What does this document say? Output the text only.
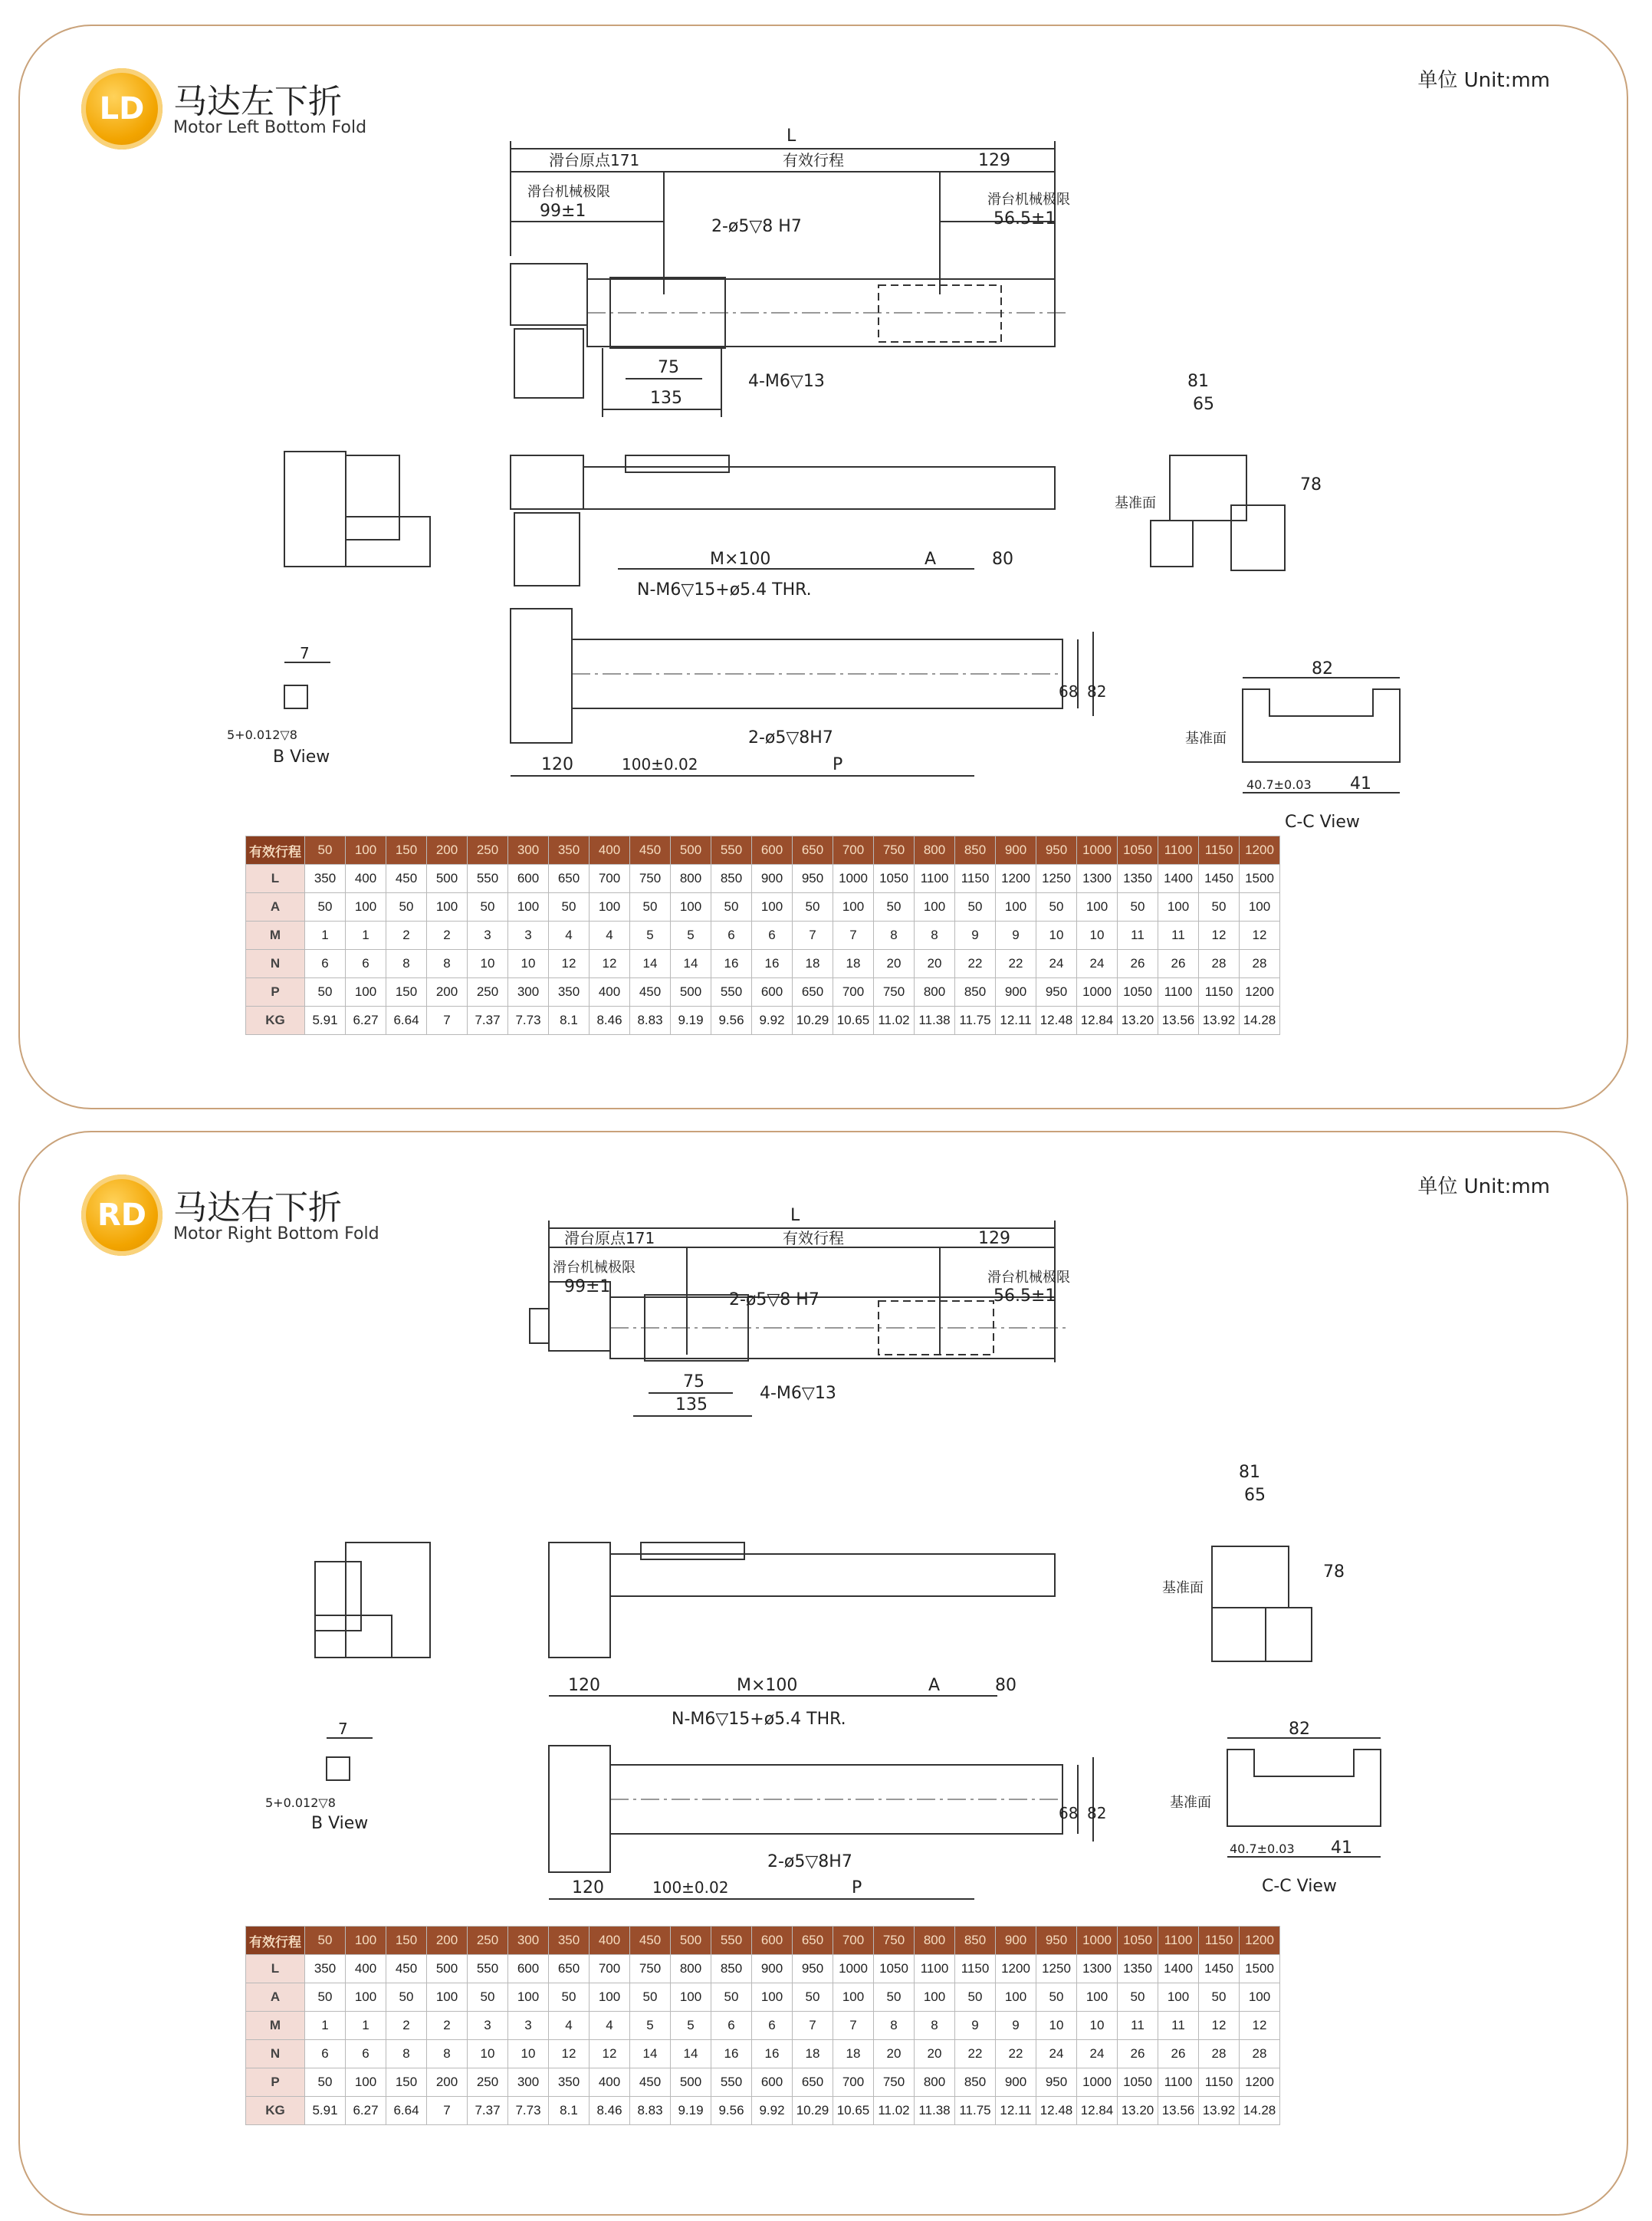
LD 马达左下折
Motor Left Bottom Fold
单位 Unit:mm
L
滑台原点171	有效行程	129
滑台机械极限
99±1
滑台机械极限
56.5±1
2-ø5▽8 H7
75
135
4-M6▽13	81
65
78
基准面
M×100	A	80
N-M6▽15+ø5.4 THR.
68 82
2-ø5▽8H7
120	100±0.02	P
7
5+0.012▽8
B View
82
基准面
40.7±0.03 41
C-C View
有效行程	50	100	150	200	250	300	350	400	450	500	550	600	650	700	750	800	850	900	950	1000	1050	1100	1150	1200
L	350	400	450	500	550	600	650	700	750	800	850	900	950	1000	1050	1100	1150	1200	1250	1300	1350	1400	1450	1500
A	50	100	50	100	50	100	50	100	50	100	50	100	50	100	50	100	50	100	50	100	50	100	50	100
M	1	1	2	2	3	3	4	4	5	5	6	6	7	7	8	8	9	9	10	10	11	11	12	12
N	6	6	8	8	10	10	12	12	14	14	16	16	18	18	20	20	22	22	24	24	26	26	28	28
P	50	100	150	200	250	300	350	400	450	500	550	600	650	700	750	800	850	900	950	1000	1050	1100	1150	1200
KG	5.91	6.27	6.64	7	7.37	7.73	8.1	8.46	8.83	9.19	9.56	9.92	10.29	10.65	11.02	11.38	11.75	12.11	12.48	12.84	13.20	13.56	13.92	14.28
RD 马达右下折
Motor Right Bottom Fold
单位 Unit:mm
L
滑台原点171	有效行程	129
滑台机械极限
99±1	滑台机械极限
56.5±1
2-ø5▽8 H7
75
135
4-M6▽13
81
65
78
基准面
120	M×100	A	80
N-M6▽15+ø5.4 THR.
68 82
2-ø5▽8H7
120	100±0.02	P
7
5+0.012▽8
B View
82
基准面
40.7±0.03 41
C-C View
有效行程	50	100	150	200	250	300	350	400	450	500	550	600	650	700	750	800	850	900	950	1000	1050	1100	1150	1200
L	350	400	450	500	550	600	650	700	750	800	850	900	950	1000	1050	1100	1150	1200	1250	1300	1350	1400	1450	1500
A	50	100	50	100	50	100	50	100	50	100	50	100	50	100	50	100	50	100	50	100	50	100	50	100
M	1	1	2	2	3	3	4	4	5	5	6	6	7	7	8	8	9	9	10	10	11	11	12	12
N	6	6	8	8	10	10	12	12	14	14	16	16	18	18	20	20	22	22	24	24	26	26	28	28
P	50	100	150	200	250	300	350	400	450	500	550	600	650	700	750	800	850	900	950	1000	1050	1100	1150	1200
KG	5.91	6.27	6.64	7	7.37	7.73	8.1	8.46	8.83	9.19	9.56	9.92	10.29	10.65	11.02	11.38	11.75	12.11	12.48	12.84	13.20	13.56	13.92	14.28
